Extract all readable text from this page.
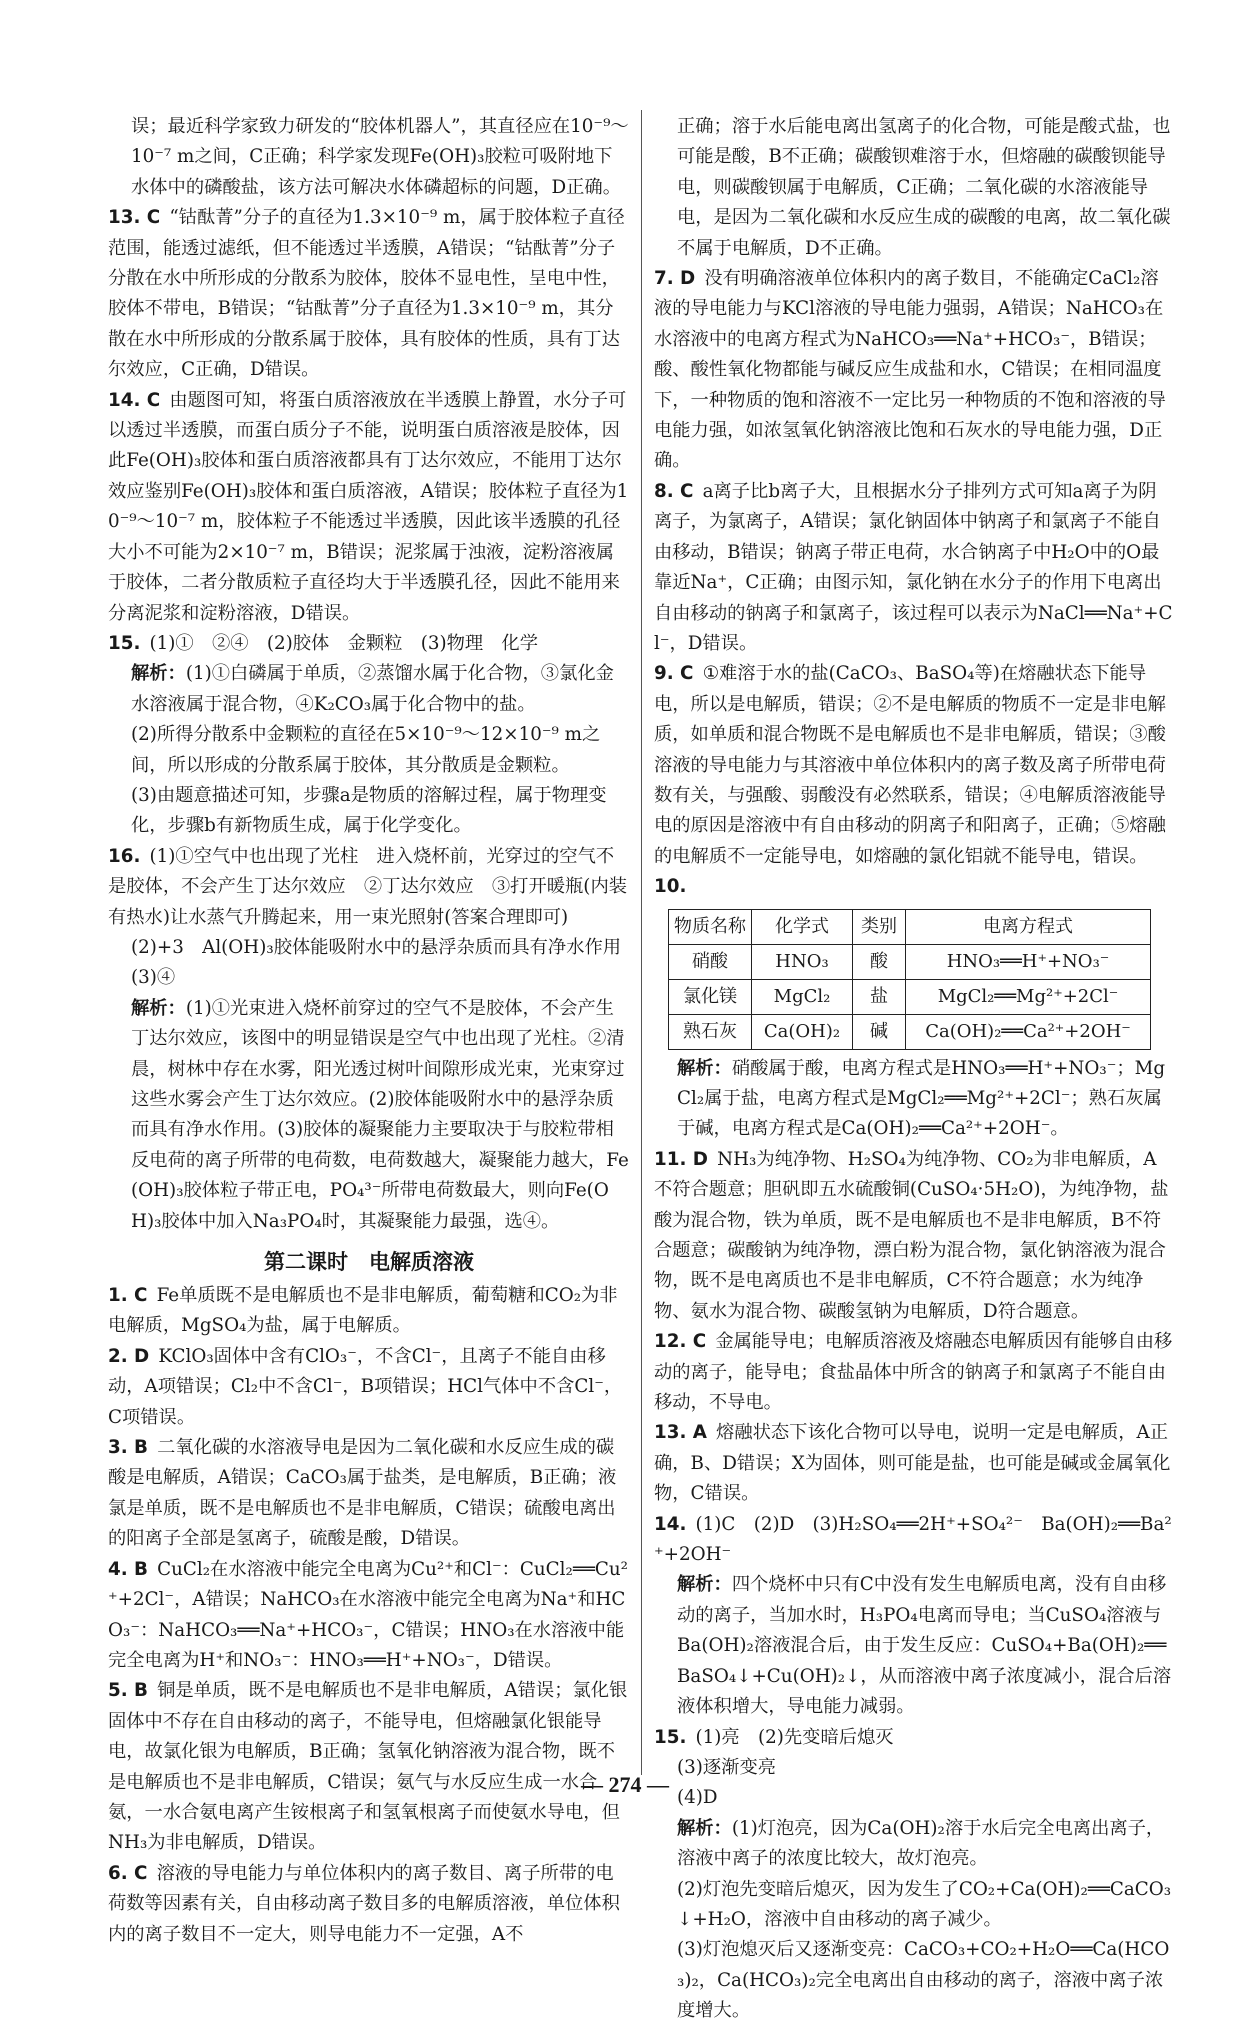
误；最近科学家致力研发的“胶体机器人”，其直径应在10⁻⁹～10⁻⁷ m之间，C正确；科学家发现Fe(OH)₃胶粒可吸附地下水体中的磷酸盐，该方法可解决水体磷超标的问题，D正确。

13. C  “钴酞菁”分子的直径为1.3×10⁻⁹ m，属于胶体粒子直径范围，能透过滤纸，但不能透过半透膜，A错误；“钴酞菁”分子分散在水中所形成的分散系为胶体，胶体不显电性，呈电中性，胶体不带电，B错误；“钴酞菁”分子直径为1.3×10⁻⁹ m，其分散在水中所形成的分散系属于胶体，具有胶体的性质，具有丁达尔效应，C正确，D错误。

14. C  由题图可知，将蛋白质溶液放在半透膜上静置，水分子可以透过半透膜，而蛋白质分子不能，说明蛋白质溶液是胶体，因此Fe(OH)₃胶体和蛋白质溶液都具有丁达尔效应，不能用丁达尔效应鉴别Fe(OH)₃胶体和蛋白质溶液，A错误；胶体粒子直径为10⁻⁹～10⁻⁷ m，胶体粒子不能透过半透膜，因此该半透膜的孔径大小不可能为2×10⁻⁷ m，B错误；泥浆属于浊液，淀粉溶液属于胶体，二者分散质粒子直径均大于半透膜孔径，因此不能用来分离泥浆和淀粉溶液，D错误。

15.  (1)①　②④　(2)胶体　金颗粒　(3)物理　化学

解析：(1)①白磷属于单质，②蒸馏水属于化合物，③氯化金水溶液属于混合物，④K₂CO₃属于化合物中的盐。

(2)所得分散系中金颗粒的直径在5×10⁻⁹～12×10⁻⁹ m之间，所以形成的分散系属于胶体，其分散质是金颗粒。

(3)由题意描述可知，步骤a是物质的溶解过程，属于物理变化，步骤b有新物质生成，属于化学变化。

16.  (1)①空气中也出现了光柱　进入烧杯前，光穿过的空气不是胶体，不会产生丁达尔效应　②丁达尔效应　③打开暖瓶(内装有热水)让水蒸气升腾起来，用一束光照射(答案合理即可)

(2)+3　Al(OH)₃胶体能吸附水中的悬浮杂质而具有净水作用　(3)④

解析：(1)①光束进入烧杯前穿过的空气不是胶体，不会产生丁达尔效应，该图中的明显错误是空气中也出现了光柱。②清晨，树林中存在水雾，阳光透过树叶间隙形成光束，光束穿过这些水雾会产生丁达尔效应。(2)胶体能吸附水中的悬浮杂质而具有净水作用。(3)胶体的凝聚能力主要取决于与胶粒带相反电荷的离子所带的电荷数，电荷数越大，凝聚能力越大，Fe(OH)₃胶体粒子带正电，PO₄³⁻所带电荷数最大，则向Fe(OH)₃胶体中加入Na₃PO₄时，其凝聚能力最强，选④。

第二课时　电解质溶液

1. C  Fe单质既不是电解质也不是非电解质，葡萄糖和CO₂为非电解质，MgSO₄为盐，属于电解质。

2. D  KClO₃固体中含有ClO₃⁻，不含Cl⁻，且离子不能自由移动，A项错误；Cl₂中不含Cl⁻，B项错误；HCl气体中不含Cl⁻，C项错误。

3. B  二氧化碳的水溶液导电是因为二氧化碳和水反应生成的碳酸是电解质，A错误；CaCO₃属于盐类，是电解质，B正确；液氯是单质，既不是电解质也不是非电解质，C错误；硫酸电离出的阳离子全部是氢离子，硫酸是酸，D错误。

4. B  CuCl₂在水溶液中能完全电离为Cu²⁺和Cl⁻：CuCl₂══Cu²⁺+2Cl⁻，A错误；NaHCO₃在水溶液中能完全电离为Na⁺和HCO₃⁻：NaHCO₃══Na⁺+HCO₃⁻，C错误；HNO₃在水溶液中能完全电离为H⁺和NO₃⁻：HNO₃══H⁺+NO₃⁻，D错误。

5. B  铜是单质，既不是电解质也不是非电解质，A错误；氯化银固体中不存在自由移动的离子，不能导电，但熔融氯化银能导电，故氯化银为电解质，B正确；氢氧化钠溶液为混合物，既不是电解质也不是非电解质，C错误；氨气与水反应生成一水合氨，一水合氨电离产生铵根离子和氢氧根离子而使氨水导电，但NH₃为非电解质，D错误。

6. C  溶液的导电能力与单位体积内的离子数目、离子所带的电荷数等因素有关，自由移动离子数目多的电解质溶液，单位体积内的离子数目不一定大，则导电能力不一定强，A不

正确；溶于水后能电离出氢离子的化合物，可能是酸式盐，也可能是酸，B不正确；碳酸钡难溶于水，但熔融的碳酸钡能导电，则碳酸钡属于电解质，C正确；二氧化碳的水溶液能导电，是因为二氧化碳和水反应生成的碳酸的电离，故二氧化碳不属于电解质，D不正确。

7. D  没有明确溶液单位体积内的离子数目，不能确定CaCl₂溶液的导电能力与KCl溶液的导电能力强弱，A错误；NaHCO₃在水溶液中的电离方程式为NaHCO₃══Na⁺+HCO₃⁻，B错误；酸、酸性氧化物都能与碱反应生成盐和水，C错误；在相同温度下，一种物质的饱和溶液不一定比另一种物质的不饱和溶液的导电能力强，如浓氢氧化钠溶液比饱和石灰水的导电能力强，D正确。

8. C  a离子比b离子大，且根据水分子排列方式可知a离子为阴离子，为氯离子，A错误；氯化钠固体中钠离子和氯离子不能自由移动，B错误；钠离子带正电荷，水合钠离子中H₂O中的O最靠近Na⁺，C正确；由图示知，氯化钠在水分子的作用下电离出自由移动的钠离子和氯离子，该过程可以表示为NaCl══Na⁺+Cl⁻，D错误。

9. C  ①难溶于水的盐(CaCO₃、BaSO₄等)在熔融状态下能导电，所以是电解质，错误；②不是电解质的物质不一定是非电解质，如单质和混合物既不是电解质也不是非电解质，错误；③酸溶液的导电能力与其溶液中单位体积内的离子数及离子所带电荷数有关，与强酸、弱酸没有必然联系，错误；④电解质溶液能导电的原因是溶液中有自由移动的阴离子和阳离子，正确；⑤熔融的电解质不一定能导电，如熔融的氯化铝就不能导电，错误。

10. 

物质名称	化学式	类别	电离方程式
硝酸	HNO₃	酸	HNO₃══H⁺+NO₃⁻
氯化镁	MgCl₂	盐	MgCl₂══Mg²⁺+2Cl⁻
熟石灰	Ca(OH)₂	碱	Ca(OH)₂══Ca²⁺+2OH⁻

解析：硝酸属于酸，电离方程式是HNO₃══H⁺+NO₃⁻；MgCl₂属于盐，电离方程式是MgCl₂══Mg²⁺+2Cl⁻；熟石灰属于碱，电离方程式是Ca(OH)₂══Ca²⁺+2OH⁻。

11. D  NH₃为纯净物、H₂SO₄为纯净物、CO₂为非电解质，A不符合题意；胆矾即五水硫酸铜(CuSO₄·5H₂O)，为纯净物，盐酸为混合物，铁为单质，既不是电解质也不是非电解质，B不符合题意；碳酸钠为纯净物，漂白粉为混合物，氯化钠溶液为混合物，既不是电离质也不是非电解质，C不符合题意；水为纯净物、氨水为混合物、碳酸氢钠为电解质，D符合题意。

12. C  金属能导电；电解质溶液及熔融态电解质因有能够自由移动的离子，能导电；食盐晶体中所含的钠离子和氯离子不能自由移动，不导电。

13. A  熔融状态下该化合物可以导电，说明一定是电解质，A正确，B、D错误；X为固体，则可能是盐，也可能是碱或金属氧化物，C错误。

14.  (1)C　(2)D　(3)H₂SO₄══2H⁺+SO₄²⁻　Ba(OH)₂══Ba²⁺+2OH⁻

解析：四个烧杯中只有C中没有发生电解质电离，没有自由移动的离子，当加水时，H₃PO₄电离而导电；当CuSO₄溶液与Ba(OH)₂溶液混合后，由于发生反应：CuSO₄+Ba(OH)₂══BaSO₄↓+Cu(OH)₂↓，从而溶液中离子浓度减小，混合后溶液体积增大，导电能力减弱。

15.  (1)亮　(2)先变暗后熄灭

(3)逐渐变亮

(4)D

解析：(1)灯泡亮，因为Ca(OH)₂溶于水后完全电离出离子，溶液中离子的浓度比较大，故灯泡亮。

(2)灯泡先变暗后熄灭，因为发生了CO₂+Ca(OH)₂══CaCO₃↓+H₂O，溶液中自由移动的离子减少。

(3)灯泡熄灭后又逐渐变亮：CaCO₃+CO₂+H₂O══Ca(HCO₃)₂，Ca(HCO₃)₂完全电离出自由移动的离子，溶液中离子浓度增大。

— 274 —
